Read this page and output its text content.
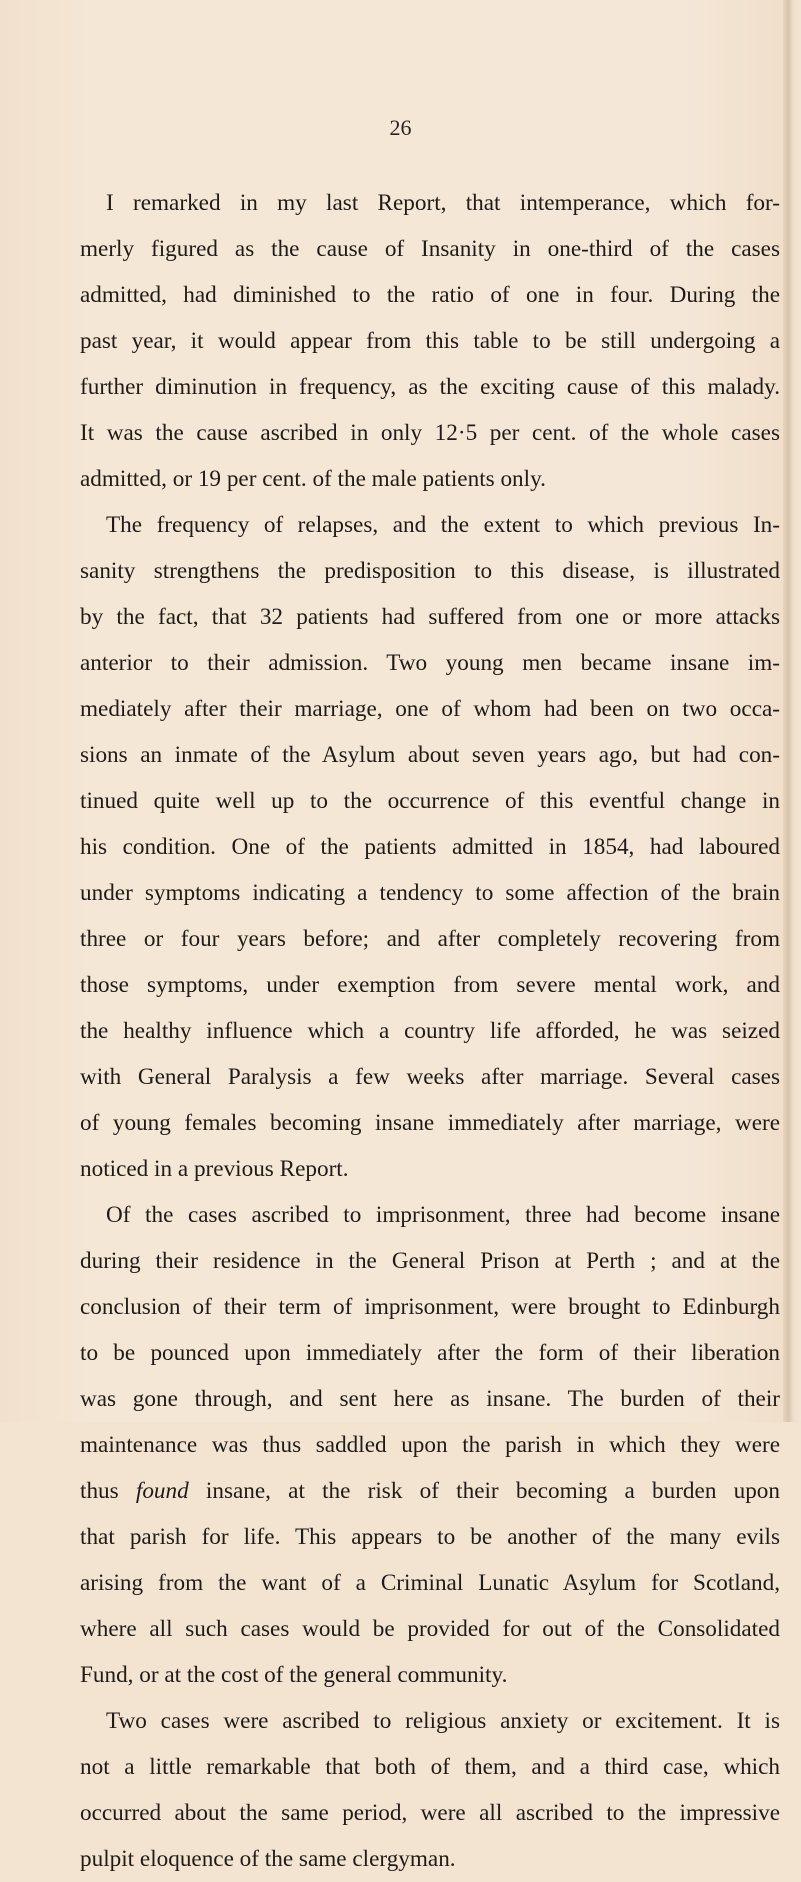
26
I remarked in my last Report, that intemperance, which for-
merly figured as the cause of Insanity in one-third of the cases
admitted, had diminished to the ratio of one in four. During the
past year, it would appear from this table to be still undergoing a
further diminution in frequency, as the exciting cause of this malady.
It was the cause ascribed in only 12·5 per cent. of the whole cases
admitted, or 19 per cent. of the male patients only.
The frequency of relapses, and the extent to which previous In-
sanity strengthens the predisposition to this disease, is illustrated
by the fact, that 32 patients had suffered from one or more attacks
anterior to their admission. Two young men became insane im-
mediately after their marriage, one of whom had been on two occa-
sions an inmate of the Asylum about seven years ago, but had con-
tinued quite well up to the occurrence of this eventful change in
his condition. One of the patients admitted in 1854, had laboured
under symptoms indicating a tendency to some affection of the brain
three or four years before; and after completely recovering from
those symptoms, under exemption from severe mental work, and
the healthy influence which a country life afforded, he was seized
with General Paralysis a few weeks after marriage. Several cases
of young females becoming insane immediately after marriage, were
noticed in a previous Report.
Of the cases ascribed to imprisonment, three had become insane
during their residence in the General Prison at Perth ; and at the
conclusion of their term of imprisonment, were brought to Edinburgh
to be pounced upon immediately after the form of their liberation
was gone through, and sent here as insane. The burden of their
maintenance was thus saddled upon the parish in which they were
thus found insane, at the risk of their becoming a burden upon
that parish for life. This appears to be another of the many evils
arising from the want of a Criminal Lunatic Asylum for Scotland,
where all such cases would be provided for out of the Consolidated
Fund, or at the cost of the general community.
Two cases were ascribed to religious anxiety or excitement. It is
not a little remarkable that both of them, and a third case, which
occurred about the same period, were all ascribed to the impressive
pulpit eloquence of the same clergyman.
